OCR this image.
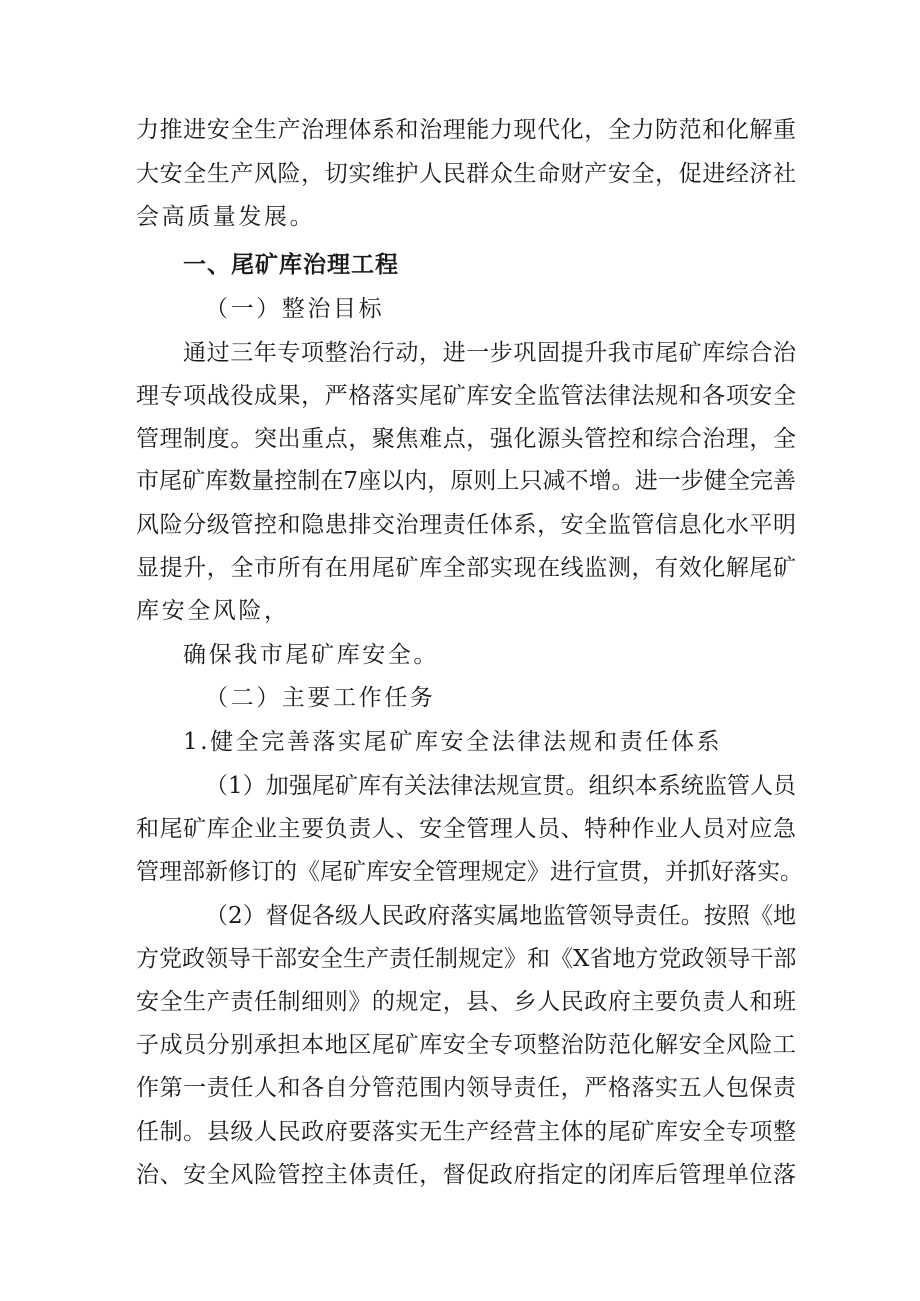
力推进安全生产治理体系和治理能力现代化，全力防范和化解重
大安全生产风险，切实维护人民群众生命财产安全，促进经济社
会高质量发展。
一、尾矿库治理工程
（一）整治目标
通过三年专项整治行动，进一步巩固提升我市尾矿库综合治
理专项战役成果，严格落实尾矿库安全监管法律法规和各项安全
管理制度。突出重点，聚焦难点，强化源头管控和综合治理，全
市尾矿库数量控制在7座以内，原则上只减不增。进一步健全完善
风险分级管控和隐患排交治理责任体系，安全监管信息化水平明
显提升，全市所有在用尾矿库全部实现在线监测，有效化解尾矿
库安全风险，
确保我市尾矿库安全。
（二）主要工作任务
1.健全完善落实尾矿库安全法律法规和责任体系
（1）加强尾矿库有关法律法规宣贯。组织本系统监管人员
和尾矿库企业主要负责人、安全管理人员、特种作业人员对应急
管理部新修订的《尾矿库安全管理规定》进行宣贯，并抓好落实。
（2）督促各级人民政府落实属地监管领导责任。按照《地
方党政领导干部安全生产责任制规定》和《X省地方党政领导干部
安全生产责任制细则》的规定，县、乡人民政府主要负责人和班
子成员分别承担本地区尾矿库安全专项整治防范化解安全风险工
作第一责任人和各自分管范围内领导责任，严格落实五人包保责
任制。县级人民政府要落实无生产经营主体的尾矿库安全专项整
治、安全风险管控主体责任，督促政府指定的闭库后管理单位落
